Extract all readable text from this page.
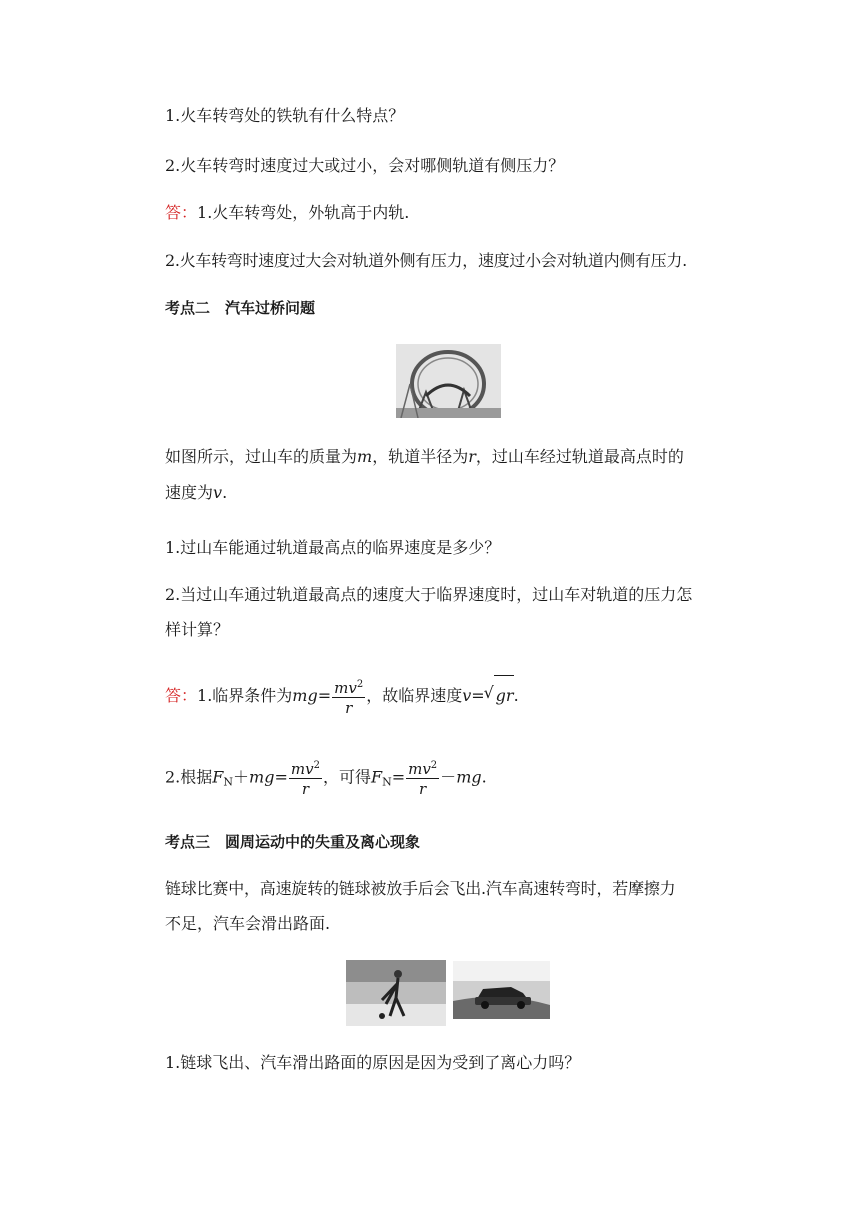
1.火车转弯处的铁轨有什么特点？
2.火车转弯时速度过大或过小，会对哪侧轨道有侧压力？
答：1.火车转弯处，外轨高于内轨.
2.火车转弯时速度过大会对轨道外侧有压力，速度过小会对轨道内侧有压力.
考点二　汽车过桥问题
如图所示，过山车的质量为m，轨道半径为r，过山车经过轨道最高点时的
速度为v.
1.过山车能通过轨道最高点的临界速度是多少？
2.当过山车通过轨道最高点的速度大于临界速度时，过山车对轨道的压力怎
样计算？
答：1.临界条件为$mg= \frac{mv^2}{r}$ ，故临界速度v=√ gr.
2.根据$F_N+mg= \frac{mv^2}{r}$ ，可得$F_N= \frac{mv^2}{r} -mg$.
考点三　圆周运动中的失重及离心现象
链球比赛中，高速旋转的链球被放手后会飞出.汽车高速转弯时，若摩擦力
不足，汽车会滑出路面.
1.链球飞出、汽车滑出路面的原因是因为受到了离心力吗？
